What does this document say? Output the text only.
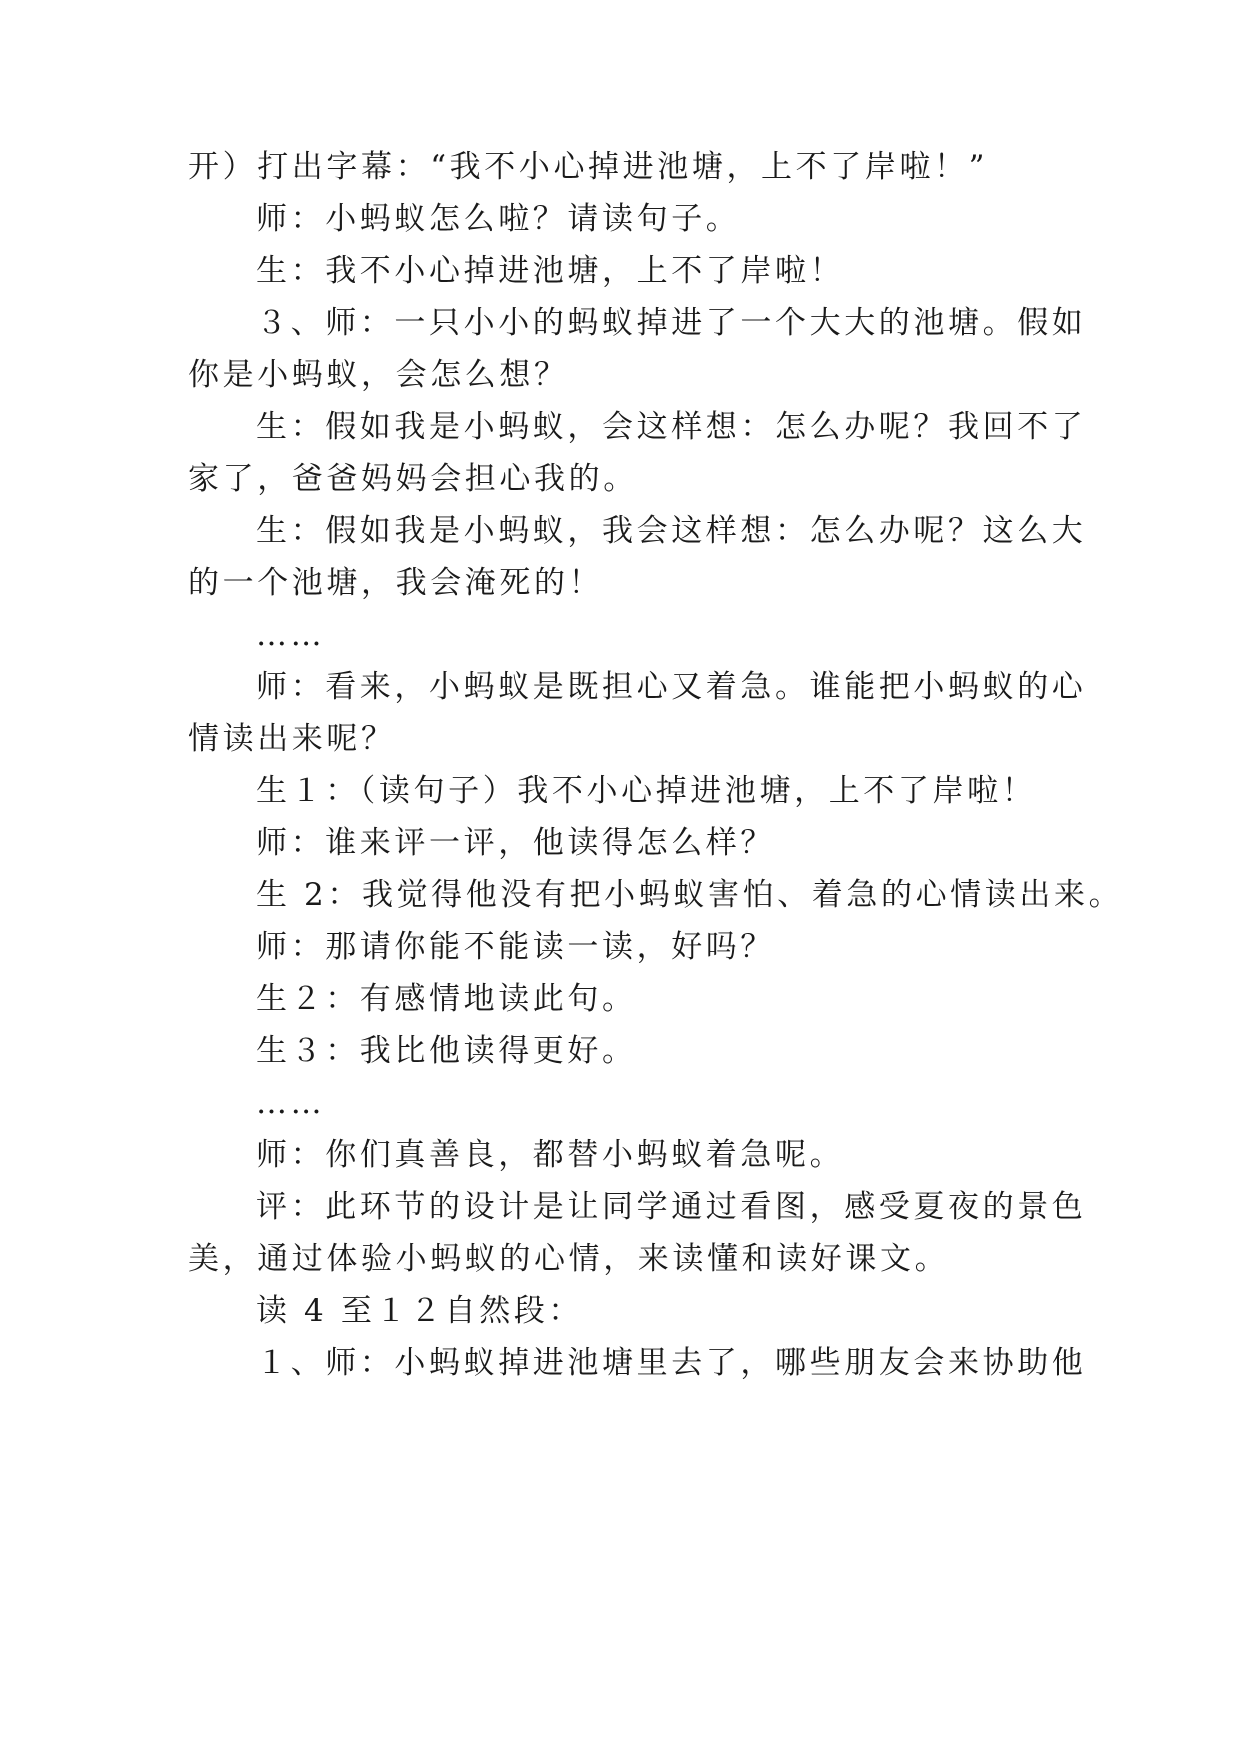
开）打出字幕：“我不小心掉进池塘，上不了岸啦！”
师：小蚂蚁怎么啦？请读句子。
生：我不小心掉进池塘，上不了岸啦！
３、师：一只小小的蚂蚁掉进了一个大大的池塘。假如
你是小蚂蚁，会怎么想？
生：假如我是小蚂蚁，会这样想：怎么办呢？我回不了
家了，爸爸妈妈会担心我的。
生：假如我是小蚂蚁，我会这样想：怎么办呢？这么大
的一个池塘，我会淹死的！
……
师：看来，小蚂蚁是既担心又着急。谁能把小蚂蚁的心
情读出来呢？
生１：（读句子）我不小心掉进池塘，上不了岸啦！
师：谁来评一评，他读得怎么样？
生 2：我觉得他没有把小蚂蚁害怕、着急的心情读出来。
师：那请你能不能读一读，好吗？
生２：有感情地读此句。
生３：我比他读得更好。
……
师：你们真善良，都替小蚂蚁着急呢。
评：此环节的设计是让同学通过看图，感受夏夜的景色
美，通过体验小蚂蚁的心情，来读懂和读好课文。
读 4 至１２自然段：
１、师：小蚂蚁掉进池塘里去了，哪些朋友会来协助他
